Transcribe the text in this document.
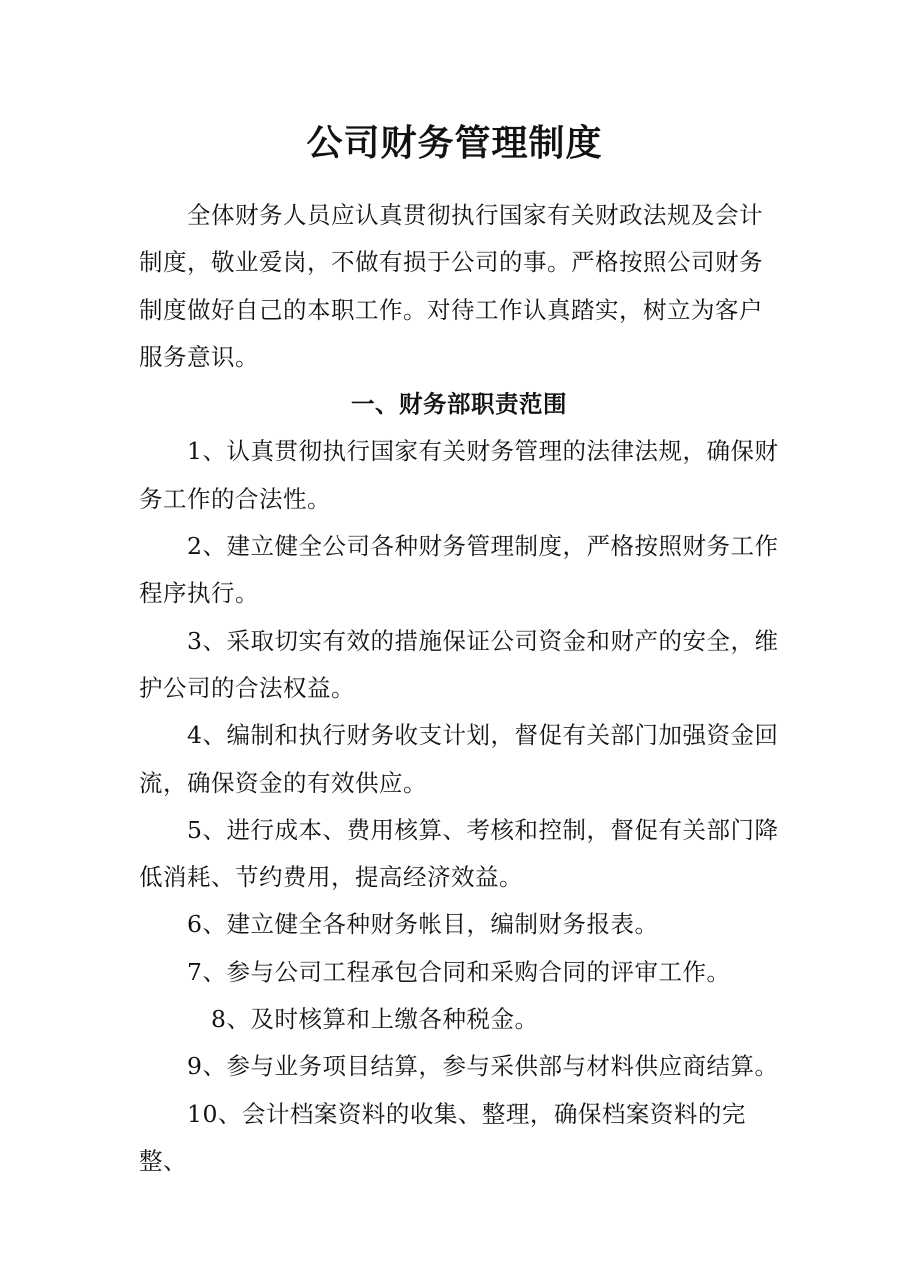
公司财务管理制度

全体财务人员应认真贯彻执行国家有关财政法规及会计制度，敬业爱岗，不做有损于公司的事。严格按照公司财务制度做好自己的本职工作。对待工作认真踏实，树立为客户服务意识。

一、财务部职责范围

1、认真贯彻执行国家有关财务管理的法律法规，确保财务工作的合法性。

2、建立健全公司各种财务管理制度，严格按照财务工作程序执行。

3、采取切实有效的措施保证公司资金和财产的安全，维护公司的合法权益。

4、编制和执行财务收支计划，督促有关部门加强资金回流，确保资金的有效供应。

5、进行成本、费用核算、考核和控制，督促有关部门降低消耗、节约费用，提高经济效益。

6、建立健全各种财务帐目，编制财务报表。

7、参与公司工程承包合同和采购合同的评审工作。

8、及时核算和上缴各种税金。

9、参与业务项目结算，参与采供部与材料供应商结算。

10、会计档案资料的收集、整理，确保档案资料的完整、
